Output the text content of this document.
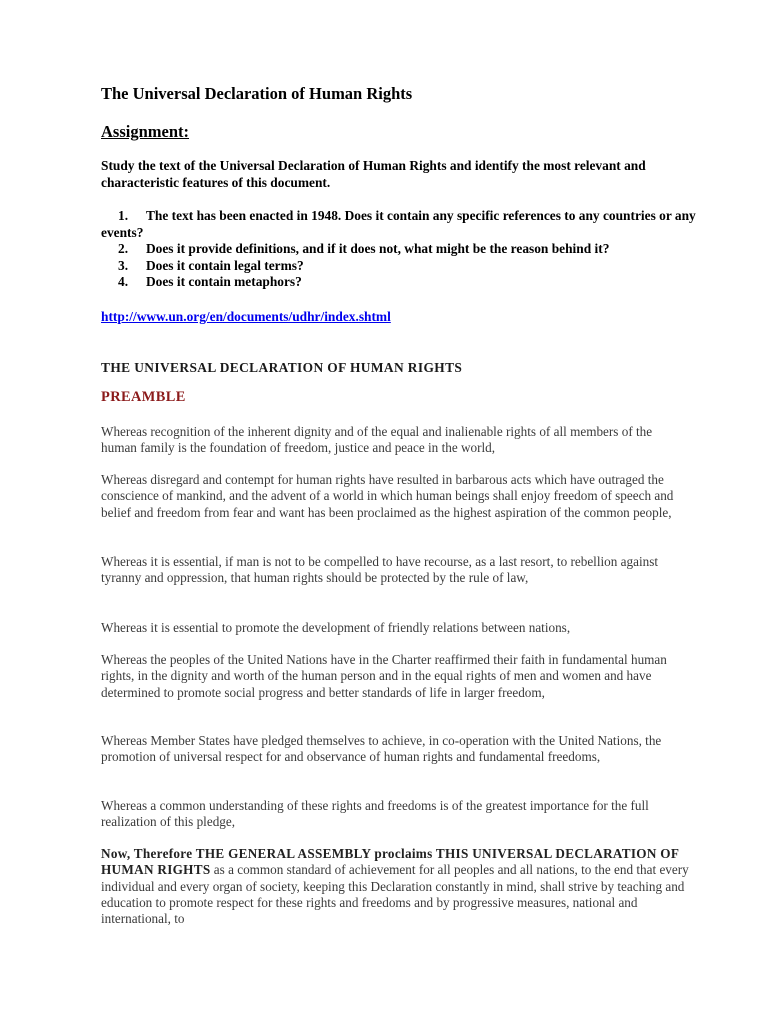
The Universal Declaration of Human Rights
Assignment:

Study the text of the Universal Declaration of Human Rights and identify the most relevant and characteristic features of this document.

1. The text has been enacted in 1948. Does it contain any specific references to any countries or any events?
2. Does it provide definitions, and if it does not, what might be the reason behind it?
3. Does it contain legal terms?
4. Does it contain metaphors?
http://www.un.org/en/documents/udhr/index.shtml
THE UNIVERSAL DECLARATION OF HUMAN RIGHTS
PREAMBLE

Whereas recognition of the inherent dignity and of the equal and inalienable rights of all members of the human family is the foundation of freedom, justice and peace in the world,

Whereas disregard and contempt for human rights have resulted in barbarous acts which have outraged the conscience of mankind, and the advent of a world in which human beings shall enjoy freedom of speech and belief and freedom from fear and want has been proclaimed as the highest aspiration of the common people,

Whereas it is essential, if man is not to be compelled to have recourse, as a last resort, to rebellion against tyranny and oppression, that human rights should be protected by the rule of law,

Whereas it is essential to promote the development of friendly relations between nations,

Whereas the peoples of the United Nations have in the Charter reaffirmed their faith in fundamental human rights, in the dignity and worth of the human person and in the equal rights of men and women and have determined to promote social progress and better standards of life in larger freedom,

Whereas Member States have pledged themselves to achieve, in co-operation with the United Nations, the promotion of universal respect for and observance of human rights and fundamental freedoms,

Whereas a common understanding of these rights and freedoms is of the greatest importance for the full realization of this pledge,

Now, Therefore THE GENERAL ASSEMBLY proclaims THIS UNIVERSAL DECLARATION OF HUMAN RIGHTS as a common standard of achievement for all peoples and all nations, to the end that every individual and every organ of society, keeping this Declaration constantly in mind, shall strive by teaching and education to promote respect for these rights and freedoms and by progressive measures, national and international, to
